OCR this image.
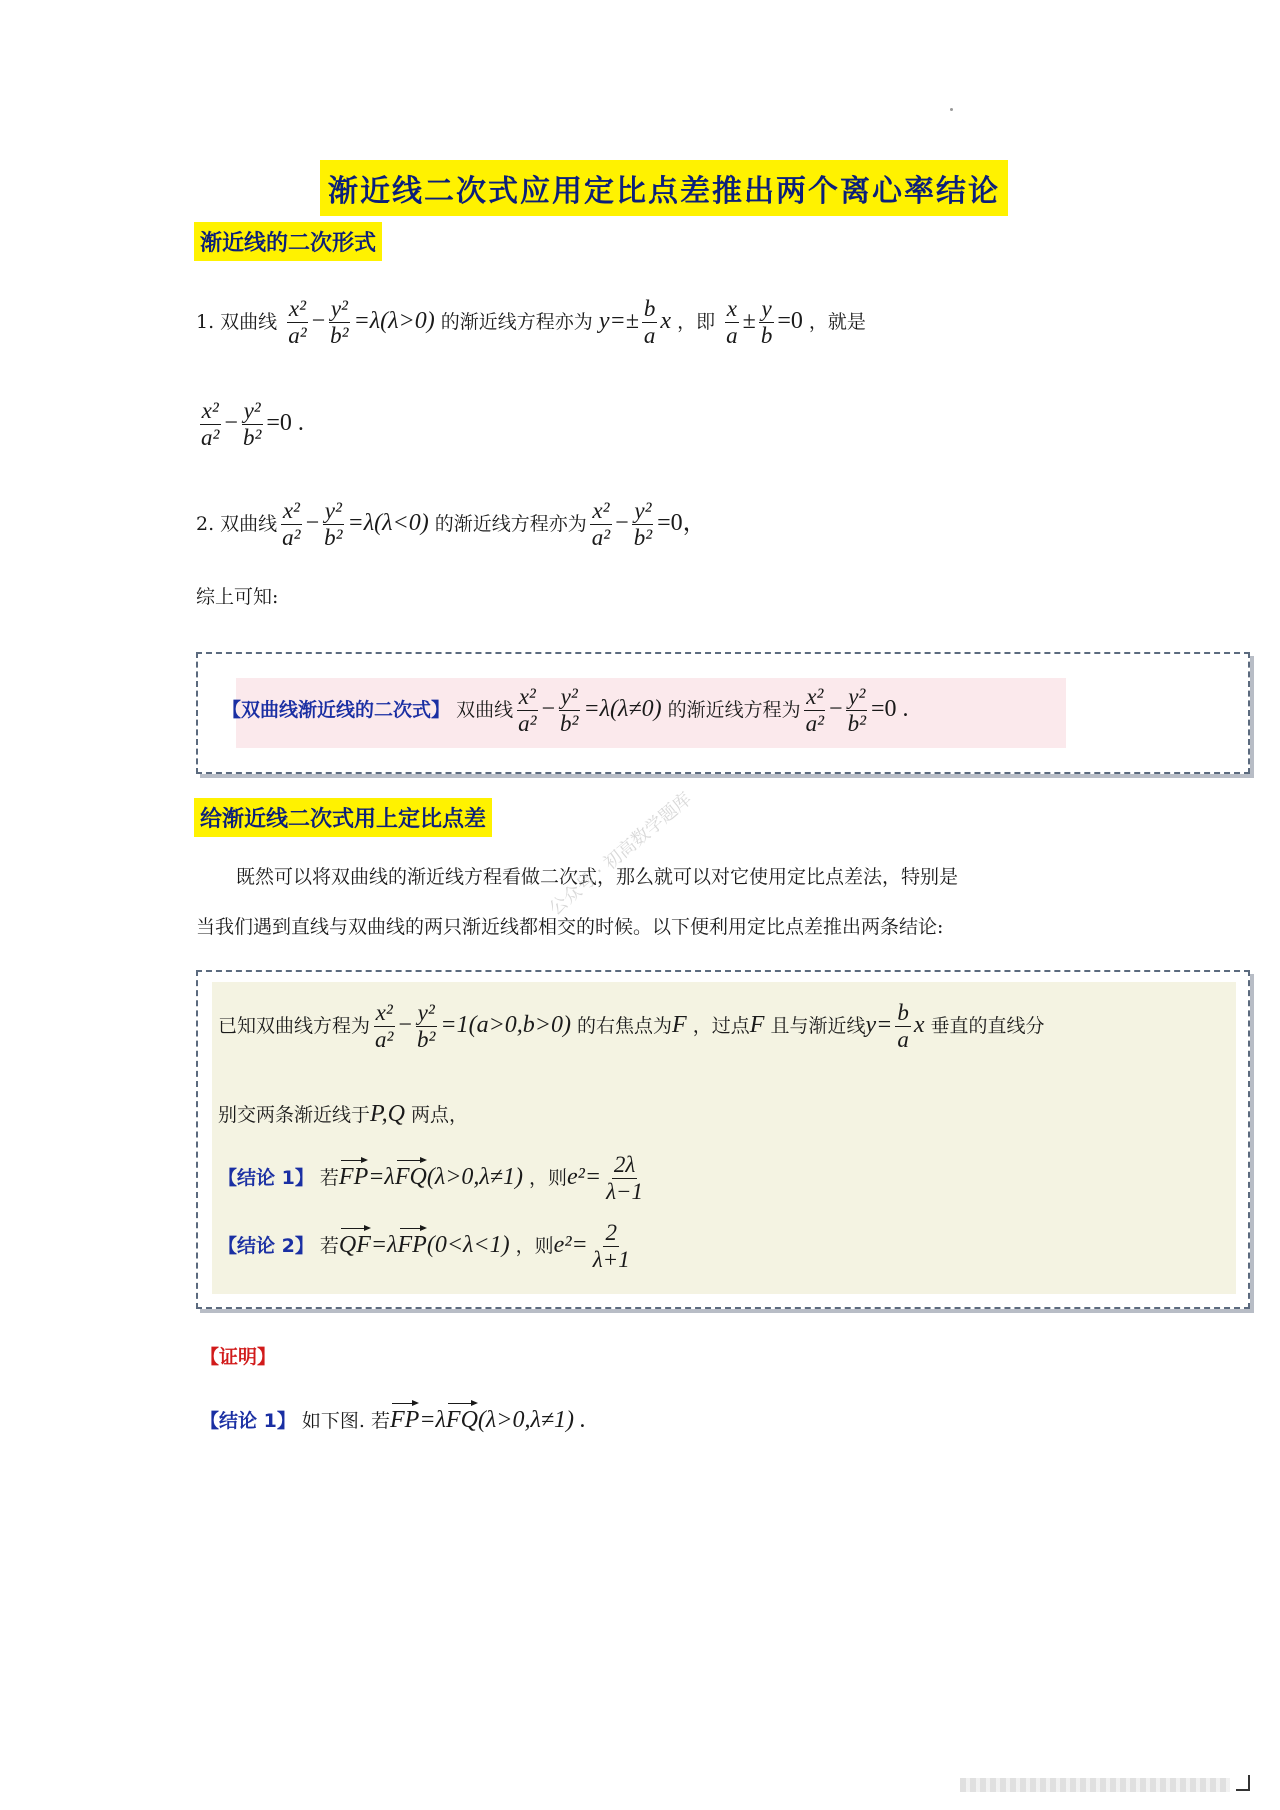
渐近线二次式应用定比点差推出两个离心率结论
渐近线的二次形式
1. 双曲线 $\frac{\text{x²}}{\text{a²}} - \frac{\text{y²}}{\text{b²}} =\lambda(\lambda>0)$ 的渐近线方程亦为 $y=\pm \frac{b}{a}$ x ，即 $\frac{x}{a} \pm \frac{y}{b} =0$ ，就是
$\frac{\text{x²}}{\text{a²}} - \frac{\text{y²}}{\text{b²}} =0$ .
2. 双曲线 $\frac{\text{x²}}{\text{a²}} - \frac{\text{y²}}{\text{b²}} =\lambda(\lambda<0)$ 的渐近线方程亦为 $\frac{\text{x²}}{\text{a²}} - \frac{\text{y²}}{\text{b²}} =0$，
综上可知:
【双曲线渐近线的二次式】 双曲线 $\frac{\text{x²}}{\text{a²}} - \frac{\text{y²}}{\text{b²}} =\lambda(\lambda\ne 0)$ 的渐近线方程为 $\frac{\text{x²}}{\text{a²}} - \frac{\text{y²}}{\text{b²}} =0$ .
给渐近线二次式用上定比点差
既然可以将双曲线的渐近线方程看做二次式，那么就可以对它使用定比点差法，特别是
当我们遇到直线与双曲线的两只渐近线都相交的时候。以下便利用定比点差推出两条结论:
公众号 · 初高数学题库
已知双曲线方程为 $\frac{\text{x²}}{\text{a²}} - \frac{\text{y²}}{\text{b²}} =1(a>0,b>0)$ 的右焦点为F ，过点F 且与渐近线$y= \frac{b}{a}$ x 垂直的直线分
别交两条渐近线于P,Q 两点，
【结论 1】 若FP=λFQ(λ>0,λ≠1) ，则$e^2= \frac{2\lambda}{\lambda-1}$
【结论 2】 若QF=λFP(0<λ<1) ，则$e^2= \frac{2}{\lambda+1}$
【证明】
【结论 1】 如下图. 若FP=λFQ(λ>0,λ≠1) .
